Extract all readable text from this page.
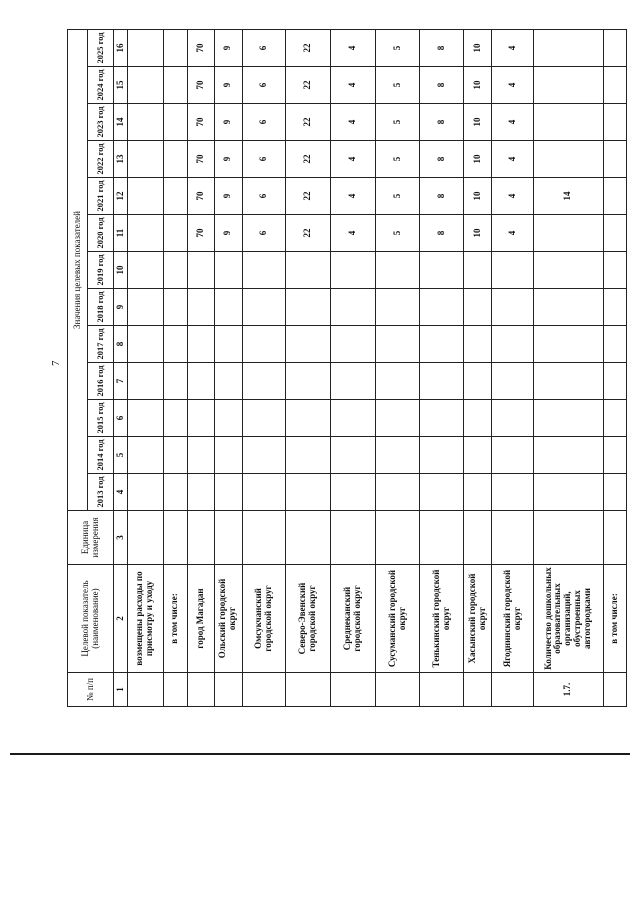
7
№ п/п	Целевой показатель (наименование)	Единица измерения	Значения целевых показателей												
			2013 год	2014 год	2015 год	2016 год	2017 год	2018 год	2019 год	2020 год	2021 год	2022 год	2023 год	2024 год	2025 год
1	2	3	4	5	6	7	8	9	10	11	12	13	14	15	16
	возмещены расходы по присмотру и уходу														
	в том числе:														
	город Магадан									70	70	70	70	70	70
	Ольский городской округ									9	9	9	9	9	9
	Омсукчанский городской округ									6	6	6	6	6	6
	Северо-Эвенский городской округ									22	22	22	22	22	22
	Среднеканский городской округ									4	4	4	4	4	4
	Сусуманский городской округ									5	5	5	5	5	5
	Тенькинский городской округ									8	8	8	8	8	8
	Хасынский городской округ									10	10	10	10	10	10
	Ягоднинский городской округ									4	4	4	4	4	4
1.7.	Количество дошкольных образовательных организаций, обустроенных автогородками										14				
	в том числе:														
